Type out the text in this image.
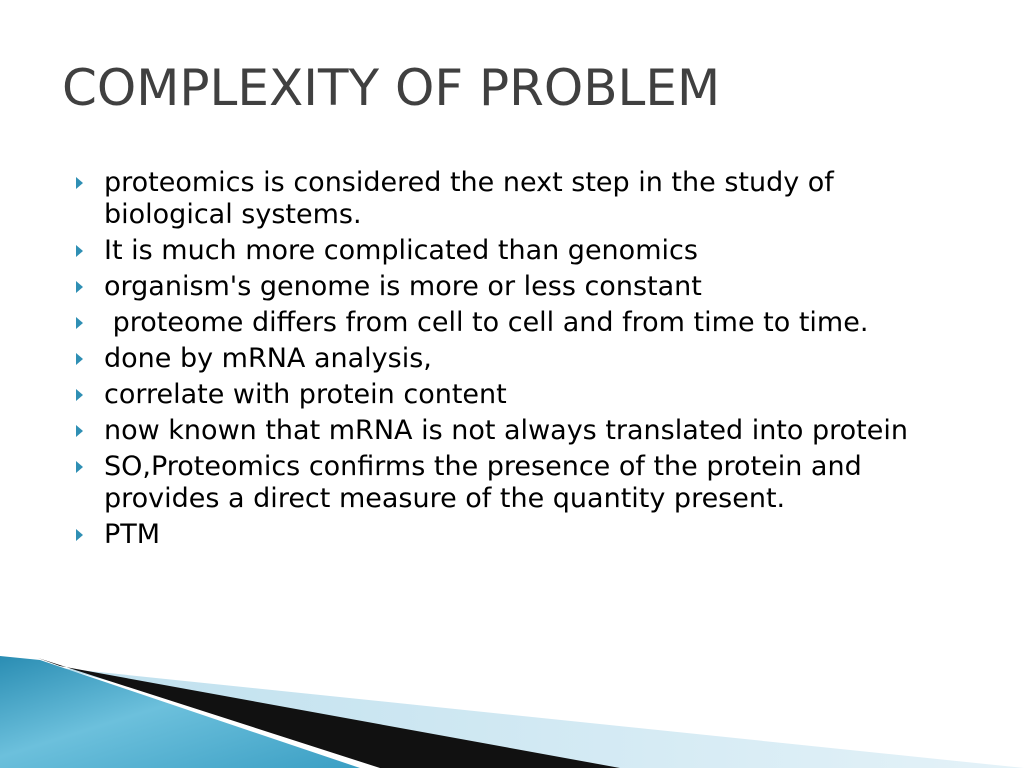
COMPLEXITY OF PROBLEM
proteomics is considered the next step in the study of biological systems.
It is much more complicated than genomics
organism's genome is more or less constant
proteome differs from cell to cell and from time to time.
done by mRNA analysis,
correlate with protein content
now known that mRNA is not always translated into protein
SO,Proteomics confirms the presence of the protein and provides a direct measure of the quantity present.
PTM
